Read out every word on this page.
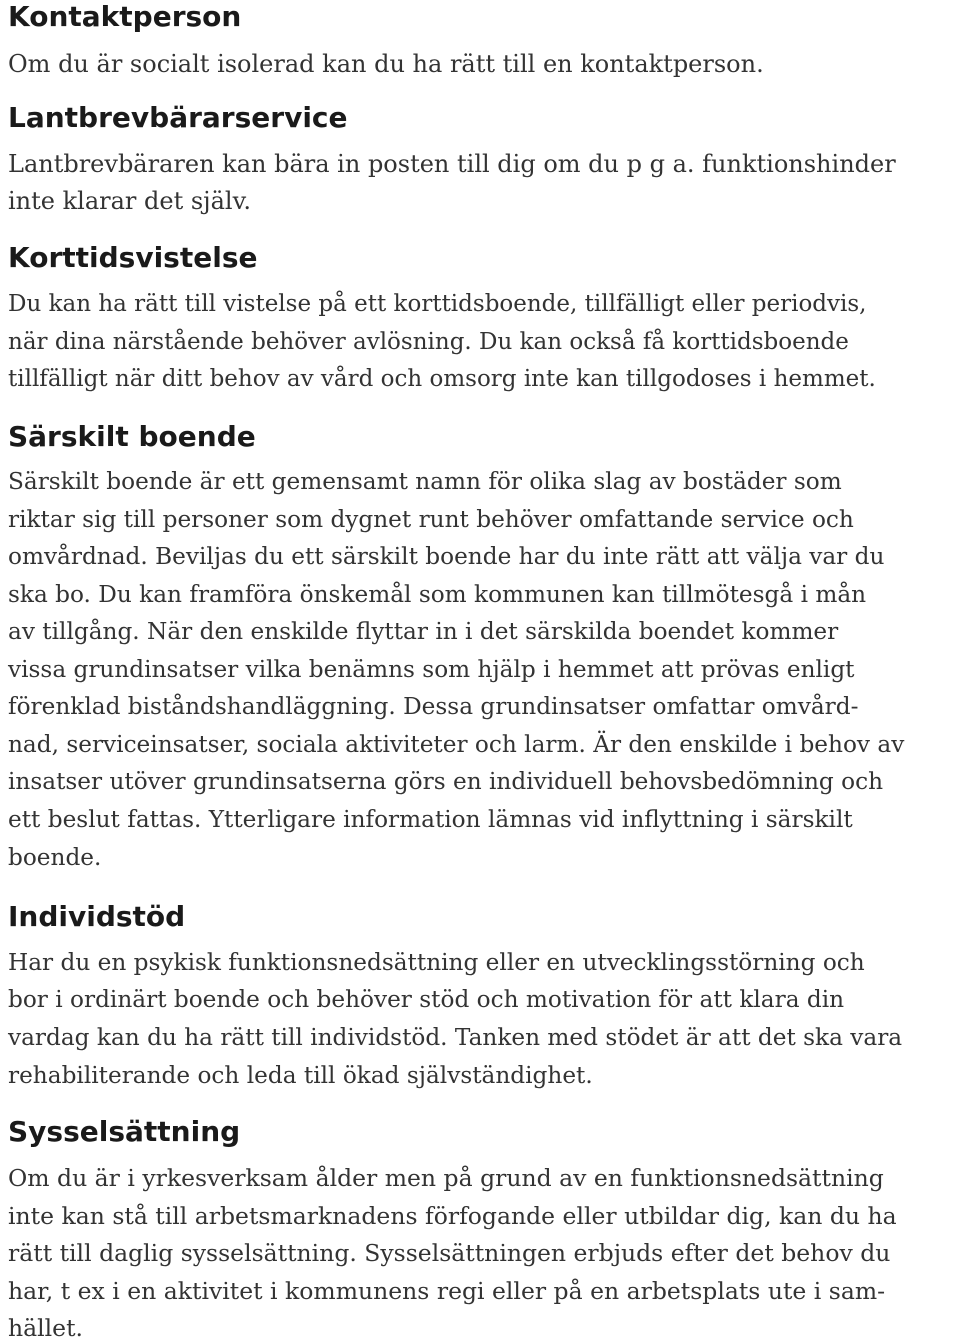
Kontaktperson

Om du är socialt isolerad kan du ha rätt till en kontaktperson.

Lantbrevbärarservice

Lantbrevbäraren kan bära in posten till dig om du p g a. funktionshinder

inte klarar det själv.

Korttidsvistelse

Du kan ha rätt till vistelse på ett korttidsboende, tillfälligt eller periodvis,

när dina närstående behöver avlösning. Du kan också få korttidsboende

tillfälligt när ditt behov av vård och omsorg inte kan tillgodoses i hemmet.

Särskilt boende

Särskilt boende är ett gemensamt namn för olika slag av bostäder som

riktar sig till personer som dygnet runt behöver omfattande service och

omvårdnad. Beviljas du ett särskilt boende har du inte rätt att välja var du

ska bo. Du kan framföra önskemål som kommunen kan tillmötesgå i mån

av tillgång. När den enskilde flyttar in i det särskilda boendet kommer

vissa grundinsatser vilka benämns som hjälp i hemmet att prövas enligt

förenklad biståndshandläggning. Dessa grundinsatser omfattar omvård-

nad, serviceinsatser, sociala aktiviteter och larm. Är den enskilde i behov av

insatser utöver grundinsatserna görs en individuell behovsbedömning och

ett beslut fattas. Ytterligare information lämnas vid inflyttning i särskilt

boende.

Individstöd

Har du en psykisk funktionsnedsättning eller en utvecklingsstörning och

bor i ordinärt boende och behöver stöd och motivation för att klara din

vardag kan du ha rätt till individstöd. Tanken med stödet är att det ska vara

rehabiliterande och leda till ökad självständighet.

Sysselsättning

Om du är i yrkesverksam ålder men på grund av en funktionsnedsättning

inte kan stå till arbetsmarknadens förfogande eller utbildar dig, kan du ha

rätt till daglig sysselsättning. Sysselsättningen erbjuds efter det behov du

har, t ex i en aktivitet i kommunens regi eller på en arbetsplats ute i sam-

hället.
